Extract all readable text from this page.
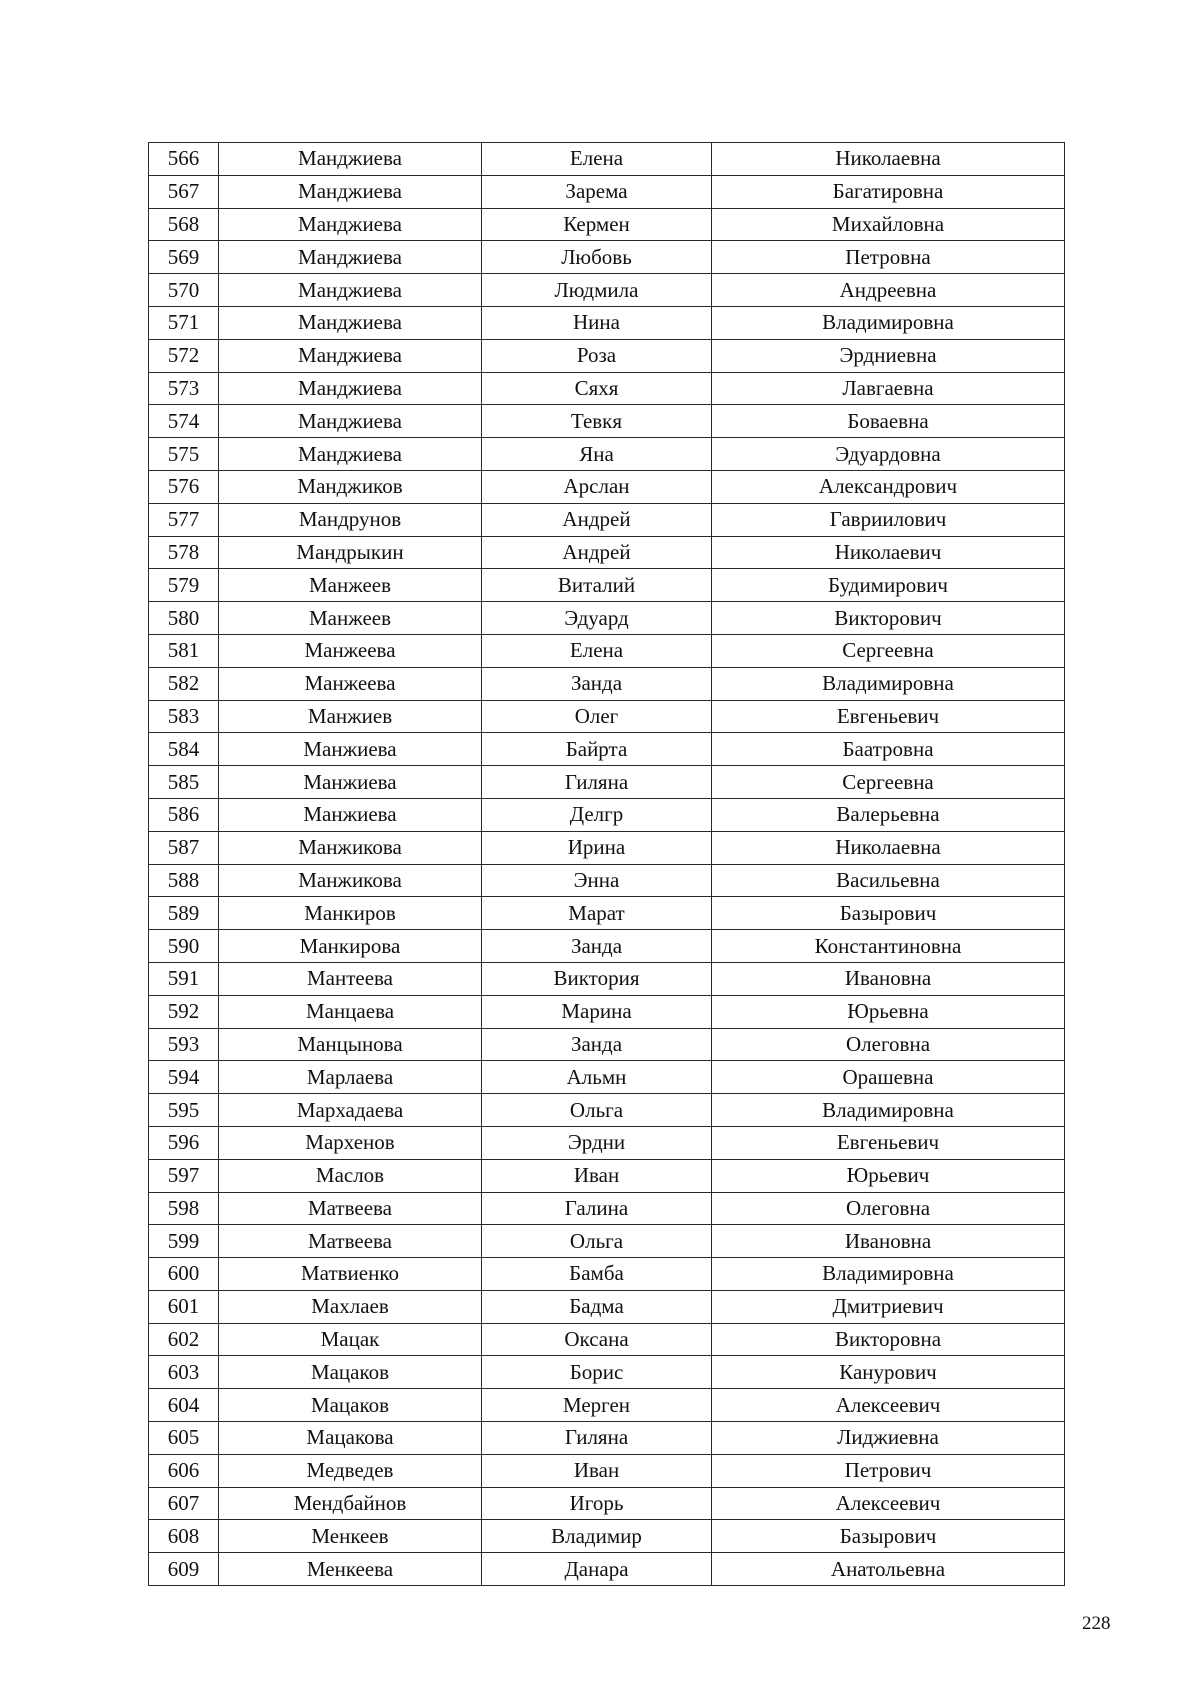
566	Манджиева	Елена	Николаевна
567	Манджиева	Зарема	Багатировна
568	Манджиева	Кермен	Михайловна
569	Манджиева	Любовь	Петровна
570	Манджиева	Людмила	Андреевна
571	Манджиева	Нина	Владимировна
572	Манджиева	Роза	Эрдниевна
573	Манджиева	Сяхя	Лавгаевна
574	Манджиева	Тевкя	Боваевна
575	Манджиева	Яна	Эдуардовна
576	Манджиков	Арслан	Александрович
577	Мандрунов	Андрей	Гавриилович
578	Мандрыкин	Андрей	Николаевич
579	Манжеев	Виталий	Будимирович
580	Манжеев	Эдуард	Викторович
581	Манжеева	Елена	Сергеевна
582	Манжеева	Занда	Владимировна
583	Манжиев	Олег	Евгеньевич
584	Манжиева	Байрта	Баатровна
585	Манжиева	Гиляна	Сергеевна
586	Манжиева	Делгр	Валерьевна
587	Манжикова	Ирина	Николаевна
588	Манжикова	Энна	Васильевна
589	Манкиров	Марат	Базырович
590	Манкирова	Занда	Константиновна
591	Мантеева	Виктория	Ивановна
592	Манцаева	Марина	Юрьевна
593	Манцынова	Занда	Олеговна
594	Марлаева	Альмн	Орашевна
595	Мархадаева	Ольга	Владимировна
596	Мархенов	Эрдни	Евгеньевич
597	Маслов	Иван	Юрьевич
598	Матвеева	Галина	Олеговна
599	Матвеева	Ольга	Ивановна
600	Матвиенко	Бамба	Владимировна
601	Махлаев	Бадма	Дмитриевич
602	Мацак	Оксана	Викторовна
603	Мацаков	Борис	Канурович
604	Мацаков	Мерген	Алексеевич
605	Мацакова	Гиляна	Лиджиевна
606	Медведев	Иван	Петрович
607	Мендбайнов	Игорь	Алексеевич
608	Менкеев	Владимир	Базырович
609	Менкеева	Данара	Анатольевна
228
